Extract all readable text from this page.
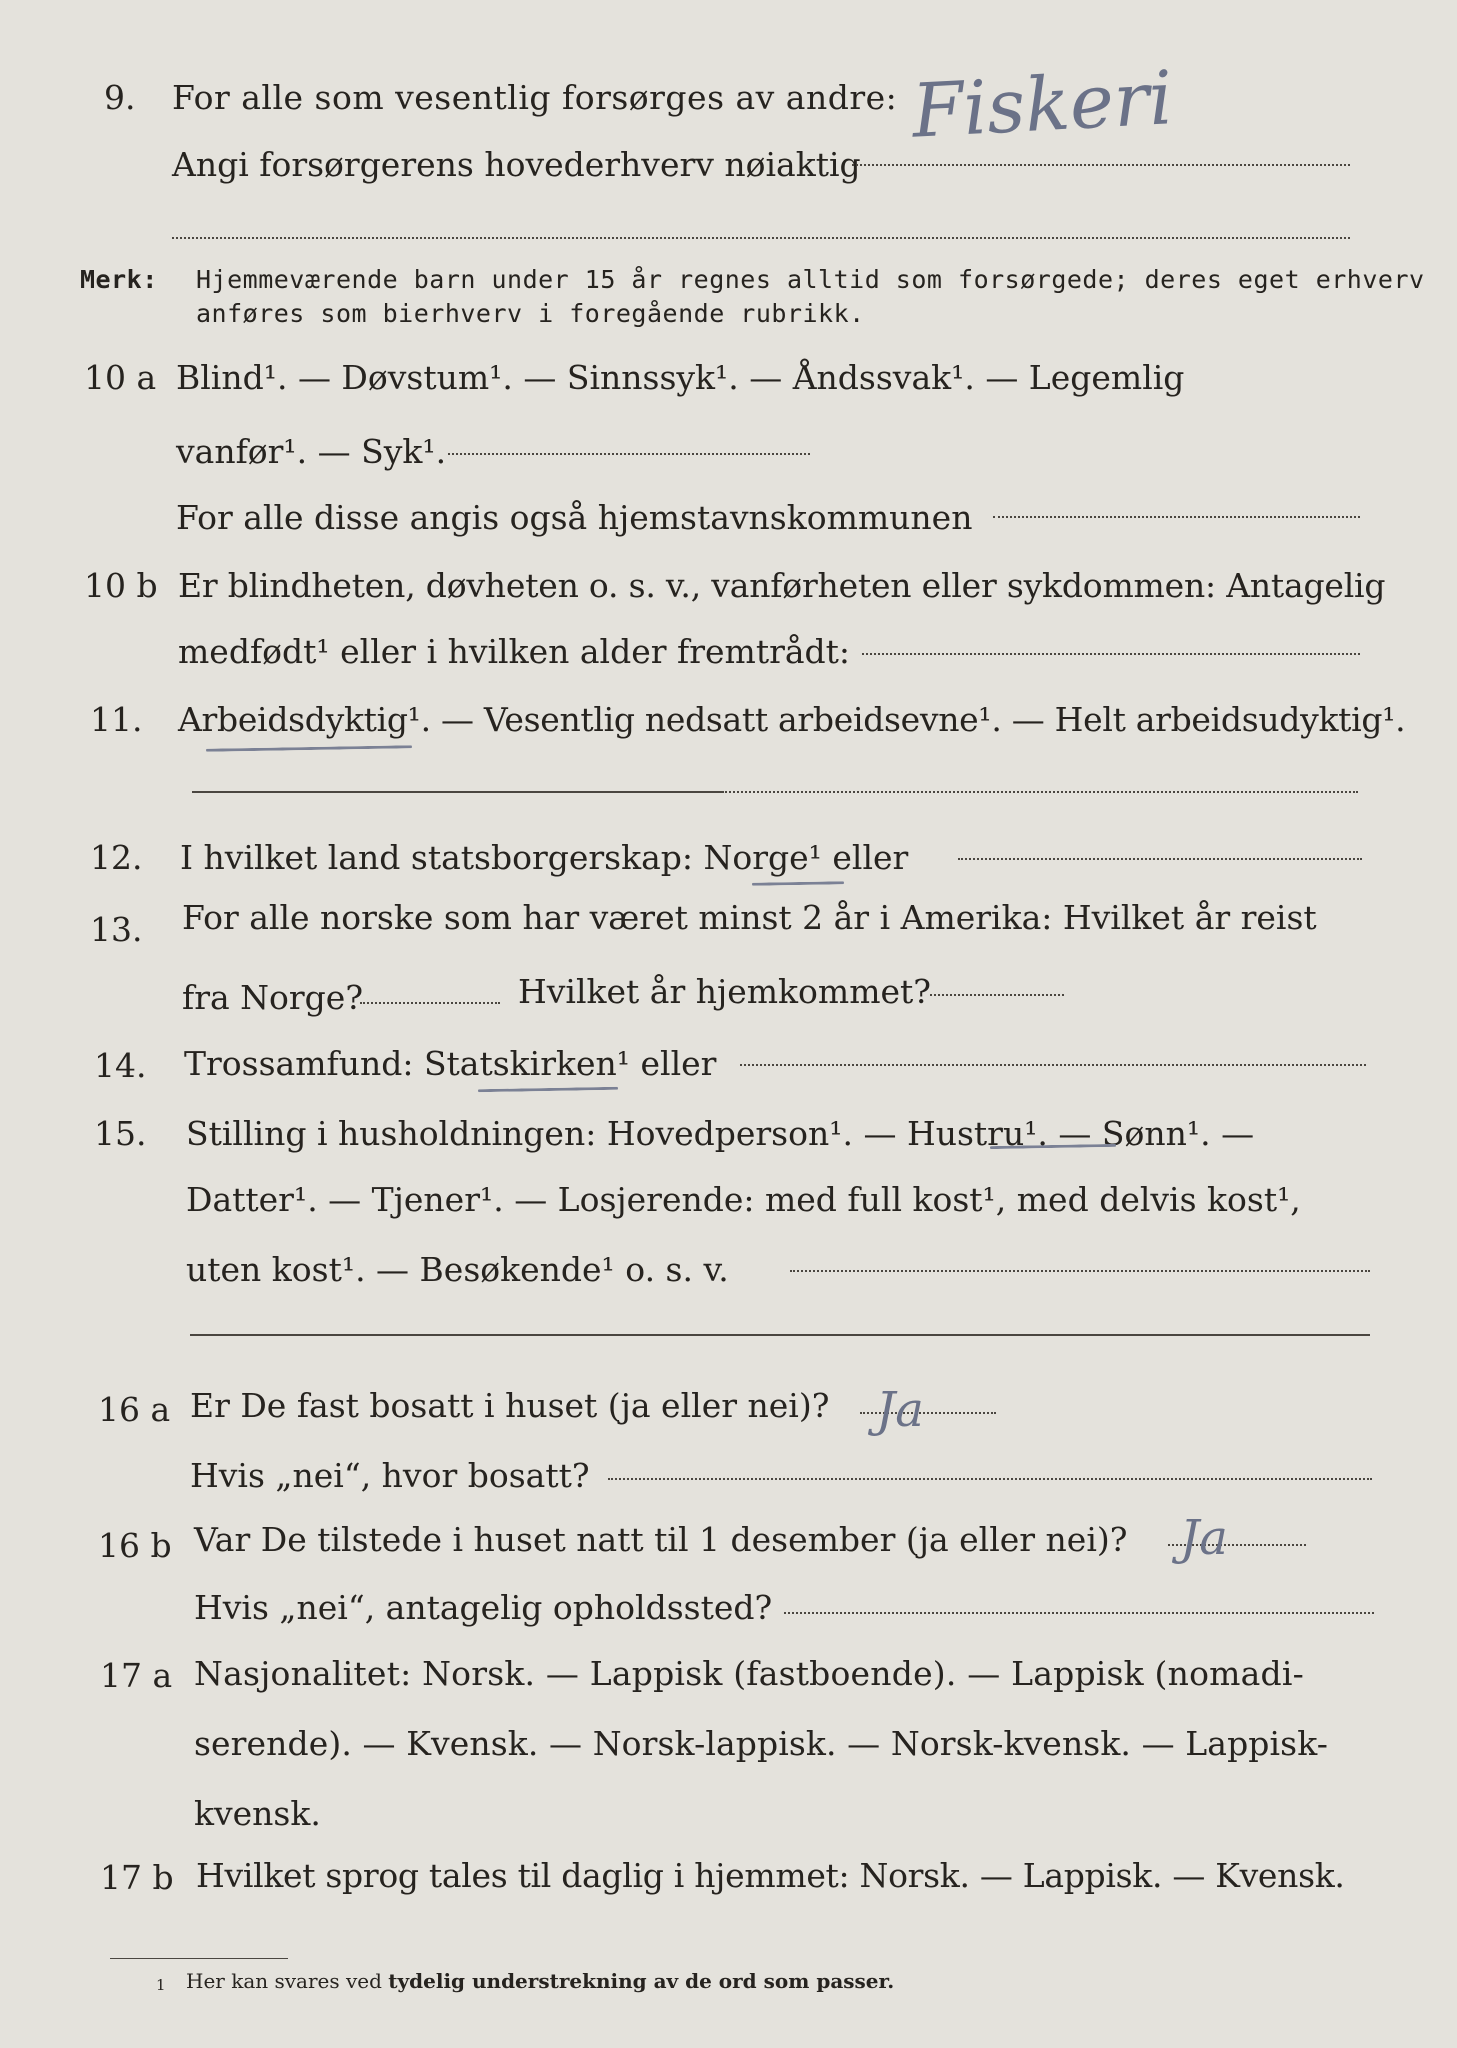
9. For alle som vesentlig forsørges av andre:
Angi forsørgerens hovederhverv nøiaktig
Fiskeri
Merk: Hjemmeværende barn under 15 år regnes alltid som forsørgede; deres eget erhverv
anføres som bierhverv i foregående rubrikk.
10 a Blind¹. — Døvstum¹. — Sinnssyk¹. — Åndssvak¹. — Legemlig
vanfør¹. — Syk¹.
For alle disse angis også hjemstavnskommunen
10 b Er blindheten, døvheten o. s. v., vanførheten eller sykdommen: Antagelig
medfødt¹ eller i hvilken alder fremtrådt:
11. Arbeidsdyktig¹. — Vesentlig nedsatt arbeidsevne¹. — Helt arbeidsudyktig¹.
12. I hvilket land statsborgerskap: Norge¹ eller
13. For alle norske som har været minst 2 år i Amerika: Hvilket år reist
fra Norge?	Hvilket år hjemkommet?
14. Trossamfund: Statskirken¹ eller
15. Stilling i husholdningen: Hovedperson¹. — Hustru¹. — Sønn¹. —
Datter¹. — Tjener¹. — Losjerende: med full kost¹, med delvis kost¹,
uten kost¹. — Besøkende¹ o. s. v.
16 a Er De fast bosatt i huset (ja eller nei)? Ja
Hvis „nei“, hvor bosatt?
16 b Var De tilstede i huset natt til 1 desember (ja eller nei)? Ja
Hvis „nei“, antagelig opholdssted?
17 a Nasjonalitet: Norsk. — Lappisk (fastboende). — Lappisk (nomadi-
serende). — Kvensk. — Norsk-lappisk. — Norsk-kvensk. — Lappisk-
kvensk.
17 b Hvilket sprog tales til daglig i hjemmet: Norsk. — Lappisk. — Kvensk.
1 Her kan svares ved tydelig understrekning av de ord som passer.
